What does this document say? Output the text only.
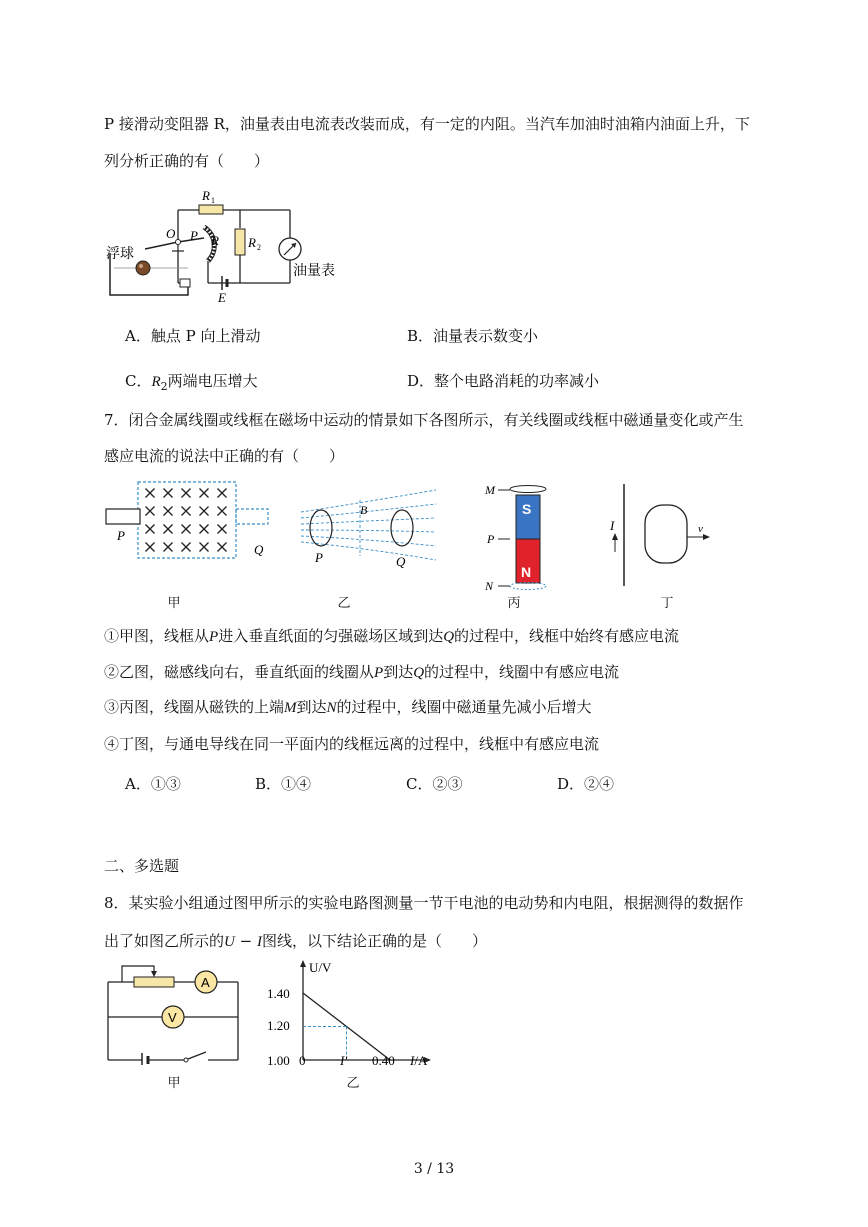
P 接滑动变阻器 R，油量表由电流表改装而成，有一定的内阻。当汽车加油时油箱内油面上升，下
列分析正确的有（　　）
R 1
R 2
O P R
E
浮球
油量表
A．触点 P 向上滑动	B．油量表示数变小
C．$R_2$两端电压增大	D．整个电路消耗的功率减小
7．闭合金属线圈或线框在磁场中运动的情景如下各图所示，有关线圈或线框中磁通量变化或产生
感应电流的说法中正确的有（　　）
P
Q
甲
B
P	Q
乙
S
N
M
P
N
丙
I	v
丁
①甲图，线框从P进入垂直纸面的匀强磁场区域到达Q的过程中，线框中始终有感应电流
②乙图，磁感线向右，垂直纸面的线圈从P到达Q的过程中，线圈中有感应电流
③丙图，线圈从磁铁的上端M到达N的过程中，线圈中磁通量先减小后增大
④丁图，与通电导线在同一平面内的线框远离的过程中，线框中有感应电流
A．①③	B．①④	C．②③	D．②④
二、多选题
8．某实验小组通过图甲所示的实验电路图测量一节干电池的电动势和内电阻，根据测得的数据作
出了如图乙所示的U − I图线，以下结论正确的是（　　）
A
V
甲
U/V
1.40
1.20
1.00 0	I′ 0.40 I/A
乙
3 / 13
